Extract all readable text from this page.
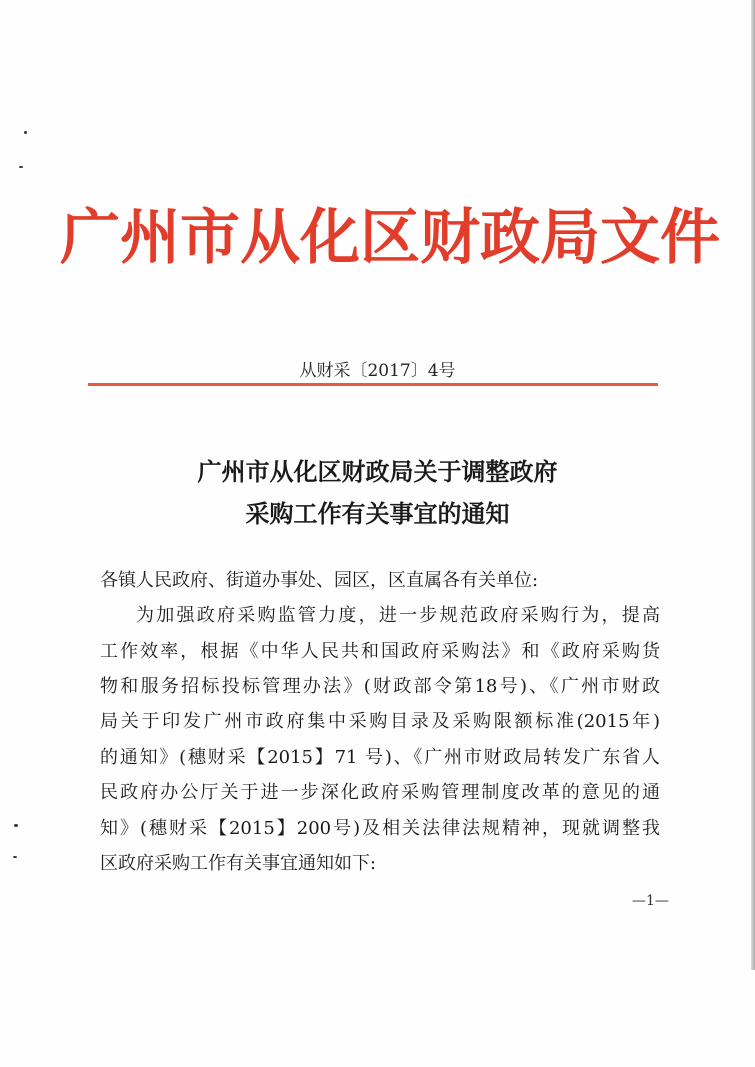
广州市从化区财政局文件
从财采〔2017〕4号
广州市从化区财政局关于调整政府
采购工作有关事宜的通知
各镇人民政府、街道办事处、园区，区直属各有关单位:
为加强政府采购监管力度，进一步规范政府采购行为，提高
工作效率，根据《中华人民共和国政府采购法》和《政府采购货
物和服务招标投标管理办法》(财政部令第18号)、《广州市财政
局关于印发广州市政府集中采购目录及采购限额标准(2015年)
的通知》(穗财采【2015】71 号)、《广州市财政局转发广东省人
民政府办公厅关于进一步深化政府采购管理制度改革的意见的通
知》(穗财采【2015】200号)及相关法律法规精神，现就调整我
区政府采购工作有关事宜通知如下:
—1—
